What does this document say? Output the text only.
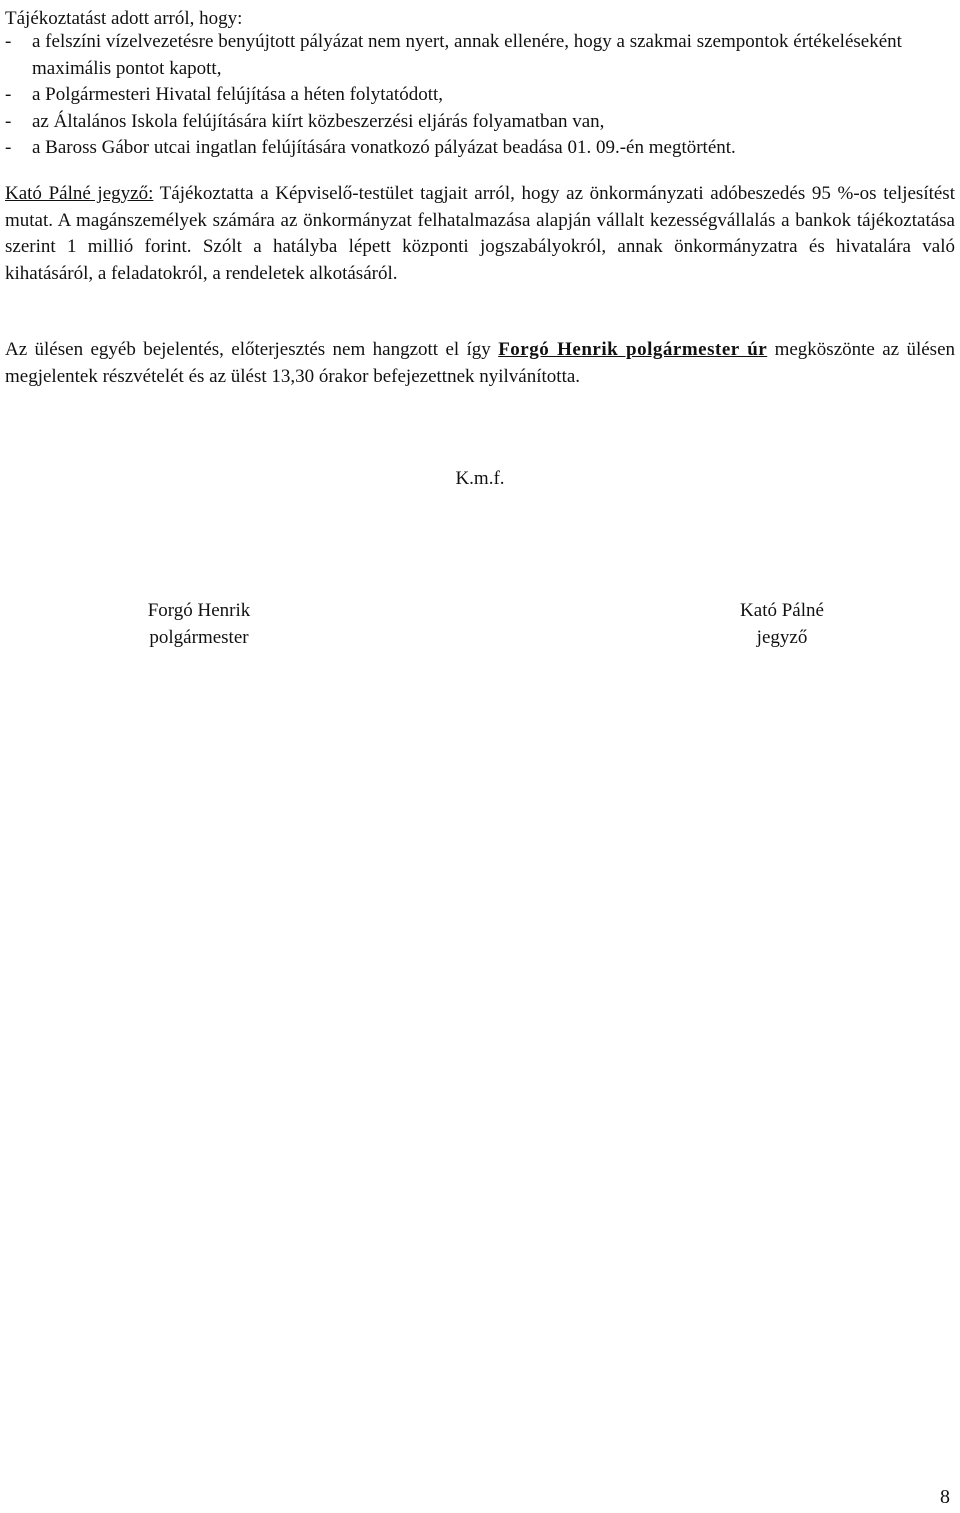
Tájékoztatást adott arról, hogy:
- a felszíni vízelvezetésre benyújtott pályázat nem nyert, annak ellenére, hogy a szakmai szempontok értékeléseként maximális pontot kapott,
- a Polgármesteri Hivatal felújítása a héten folytatódott,
- az Általános Iskola felújítására kiírt közbeszerzési eljárás folyamatban van,
- a Baross Gábor utcai ingatlan felújítására vonatkozó pályázat beadása 01. 09.-én megtörtént.

Kató Pálné jegyző: Tájékoztatta a Képviselő-testület tagjait arról, hogy az önkormányzati adóbeszedés 95 %-os teljesítést mutat. A magánszemélyek számára az önkormányzat felhatalmazása alapján vállalt kezességvállalás a bankok tájékoztatása szerint 1 millió forint. Szólt a hatályba lépett központi jogszabályokról, annak önkormányzatra és hivatalára való kihatásáról, a feladatokról, a rendeletek alkotásáról.

Az ülésen egyéb bejelentés, előterjesztés nem hangzott el így Forgó Henrik polgármester úr megköszönte az ülésen megjelentek részvételét és az ülést 13,30 órakor befejezettnek nyilvánította.

K.m.f.
Forgó Henrik
polgármester
Kató Pálné
jegyző
8
